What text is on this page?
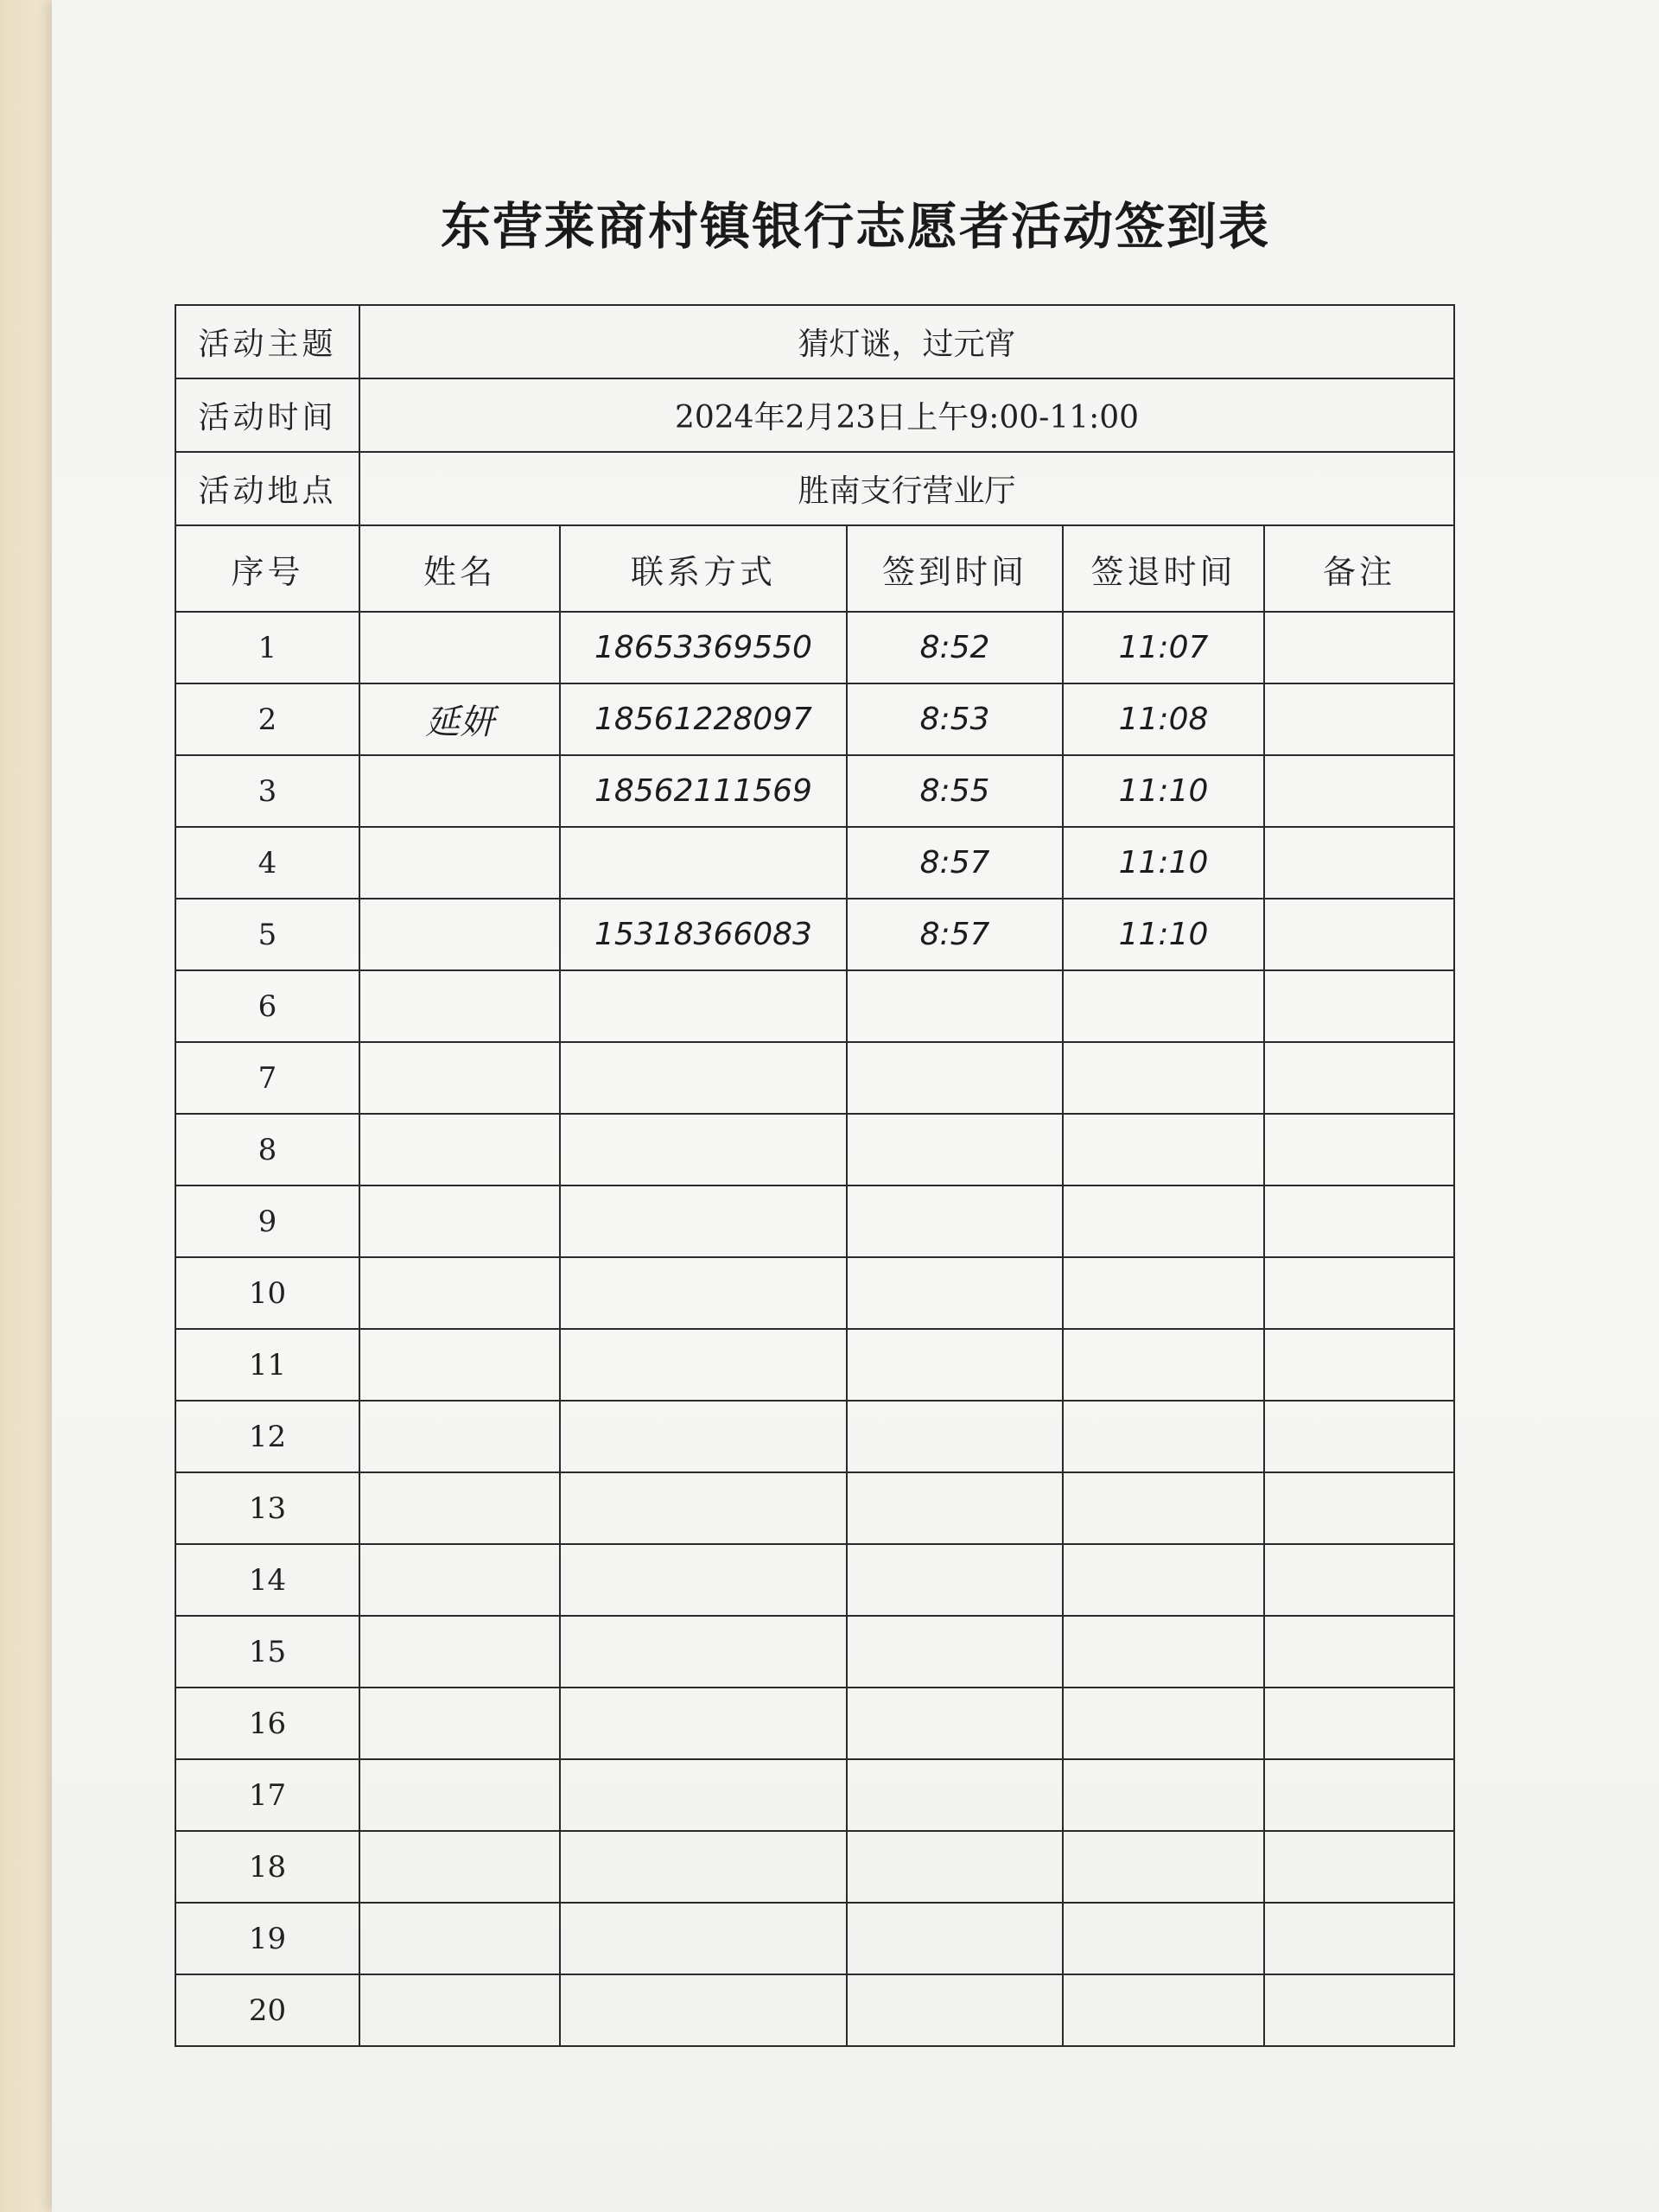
东营莱商村镇银行志愿者活动签到表
活动主题	猜灯谜，过元宵				
活动时间	2024年2月23日上午9:00-11:00				
活动地点	胜南支行营业厅				
序号	姓名	联系方式	签到时间	签退时间	备注
1		18653369550	8:52	11:07	
2	延妍	18561228097	8:53	11:08	
3		18562111569	8:55	11:10	
4			8:57	11:10	
5		15318366083	8:57	11:10	
6					
7					
8					
9					
10					
11					
12					
13					
14					
15					
16					
17					
18					
19					
20					
